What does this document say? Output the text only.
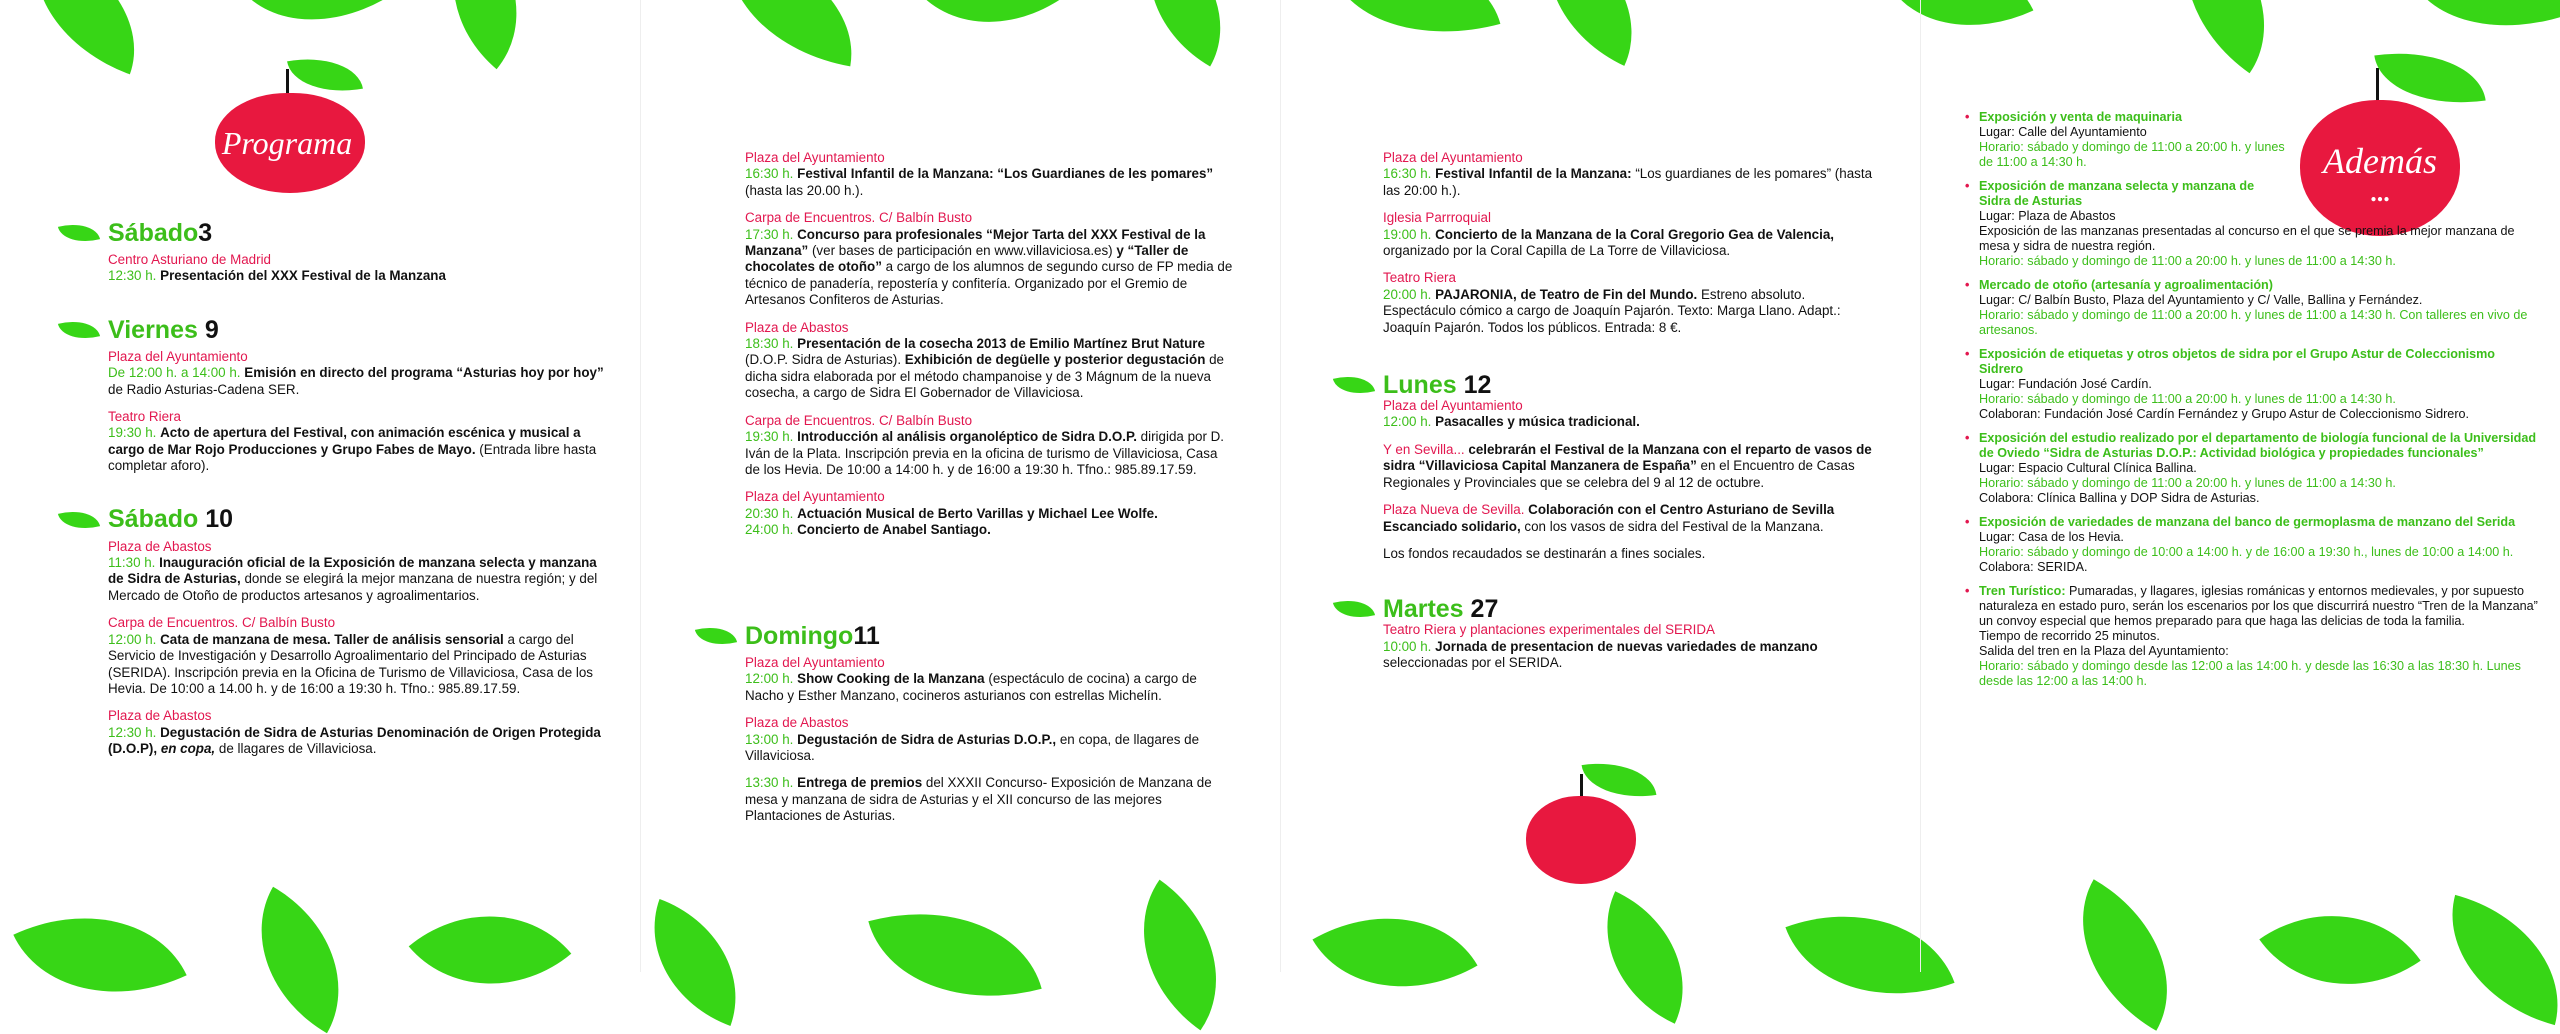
Programa
Sábado3
Centro Asturiano de Madrid
12:30 h. Presentación del XXX Festival de la Manzana
Viernes 9
Plaza del Ayuntamiento
De 12:00 h. a 14:00 h. Emisión en directo del programa “Asturias hoy por hoy” de Radio Asturias-Cadena SER.
Teatro Riera
19:30 h. Acto de apertura del Festival, con animación escénica y musical a cargo de Mar Rojo Producciones y Grupo Fabes de Mayo. (Entrada libre hasta completar aforo).
Sábado 10
Plaza de Abastos
11:30 h. Inauguración oficial de la Exposición de manzana selecta y manzana de Sidra de Asturias, donde se elegirá la mejor manzana de nuestra región; y del Mercado de Otoño de productos artesanos y agroalimentarios.
Carpa de Encuentros. C/ Balbín Busto
12:00 h. Cata de manzana de mesa. Taller de análisis sensorial a cargo del Servicio de Investigación y Desarrollo Agroalimentario del Principado de Asturias (SERIDA). Inscripción previa en la Oficina de Turismo de Villaviciosa, Casa de los Hevia. De 10:00 a 14.00 h. y de 16:00 a 19:30 h. Tfno.: 985.89.17.59.
Plaza de Abastos
12:30 h. Degustación de Sidra de Asturias Denominación de Origen Protegida (D.O.P), en copa, de llagares de Villaviciosa.
Plaza del Ayuntamiento
16:30 h. Festival Infantil de la Manzana: “Los Guardianes de les pomares” (hasta las 20.00 h.).
Carpa de Encuentros. C/ Balbín Busto
17:30 h. Concurso para profesionales “Mejor Tarta del XXX Festival de la Manzana” (ver bases de participación en www.villaviciosa.es) y “Taller de chocolates de otoño” a cargo de los alumnos de segundo curso de FP media de técnico de panadería, repostería y confitería. Organizado por el Gremio de Artesanos Confiteros de Asturias.
Plaza de Abastos
18:30 h. Presentación de la cosecha 2013 de Emilio Martínez Brut Nature (D.O.P. Sidra de Asturias). Exhibición de degüelle y posterior degustación de dicha sidra elaborada por el método champanoise y de 3 Mágnum de la nueva cosecha, a cargo de Sidra El Gobernador de Villaviciosa.
Carpa de Encuentros. C/ Balbín Busto
19:30 h. Introducción al análisis organoléptico de Sidra D.O.P. dirigida por D. Iván de la Plata. Inscripción previa en la oficina de turismo de Villaviciosa, Casa de los Hevia. De 10:00 a 14:00 h. y de 16:00 a 19:30 h. Tfno.: 985.89.17.59.
Plaza del Ayuntamiento
20:30 h. Actuación Musical de Berto Varillas y Michael Lee Wolfe.
24:00 h. Concierto de Anabel Santiago.
Domingo11
Plaza del Ayuntamiento
12:00 h. Show Cooking de la Manzana (espectáculo de cocina) a cargo de Nacho y Esther Manzano, cocineros asturianos con estrellas Michelín.
Plaza de Abastos
13:00 h. Degustación de Sidra de Asturias D.O.P., en copa, de llagares de Villaviciosa.
13:30 h. Entrega de premios del XXXII Concurso- Exposición de Manzana de mesa y manzana de sidra de Asturias y el XII concurso de las mejores Plantaciones de Asturias.
Plaza del Ayuntamiento
16:30 h. Festival Infantil de la Manzana: “Los guardianes de les pomares” (hasta las 20:00 h.).
Iglesia Parrroquial
19:00 h. Concierto de la Manzana de la Coral Gregorio Gea de Valencia, organizado por la Coral Capilla de La Torre de Villaviciosa.
Teatro Riera
20:00 h. PAJARONIA, de Teatro de Fin del Mundo. Estreno absoluto. Espectáculo cómico a cargo de Joaquín Pajarón. Texto: Marga Llano. Adapt.: Joaquín Pajarón. Todos los públicos. Entrada: 8 €.
Lunes 12
Plaza del Ayuntamiento
12:00 h. Pasacalles y música tradicional.
Y en Sevilla... celebrarán el Festival de la Manzana con el reparto de vasos de sidra “Villaviciosa Capital Manzanera de España” en el Encuentro de Casas Regionales y Provinciales que se celebra del 9 al 12 de octubre.
Plaza Nueva de Sevilla. Colaboración con el Centro Asturiano de Sevilla Escanciado solidario, con los vasos de sidra del Festival de la Manzana.
Los fondos recaudados se destinarán a fines sociales.
Martes 27
Teatro Riera y plantaciones experimentales del SERIDA
10:00 h. Jornada de presentacion de nuevas variedades de manzano seleccionadas por el SERIDA.
Además
...
• Exposición y venta de maquinaria
Lugar: Calle del Ayuntamiento
Horario: sábado y domingo de 11:00 a 20:00 h. y lunes de 11:00 a 14:30 h.
• Exposición de manzana selecta y manzana de Sidra de Asturias
Lugar: Plaza de Abastos
Exposición de las manzanas presentadas al concurso en el que se premia la mejor manzana de mesa y sidra de nuestra región.
Horario: sábado y domingo de 11:00 a 20:00 h. y lunes de 11:00 a 14:30 h.
• Mercado de otoño (artesanía y agroalimentación)
Lugar: C/ Balbín Busto, Plaza del Ayuntamiento y C/ Valle, Ballina y Fernández.
Horario: sábado y domingo de 11:00 a 20:00 h. y lunes de 11:00 a 14:30 h. Con talleres en vivo de artesanos.
• Exposición de etiquetas y otros objetos de sidra por el Grupo Astur de Coleccionismo Sidrero
Lugar: Fundación José Cardín.
Horario: sábado y domingo de 11:00 a 20:00 h. y lunes de 11:00 a 14:30 h.
Colaboran: Fundación José Cardín Fernández y Grupo Astur de Coleccionismo Sidrero.
• Exposición del estudio realizado por el departamento de biología funcional de la Universidad de Oviedo “Sidra de Asturias D.O.P.: Actividad biológica y propiedades funcionales”
Lugar: Espacio Cultural Clínica Ballina.
Horario: sábado y domingo de 11:00 a 20:00 h. y lunes de 11:00 a 14:30 h.
Colabora: Clínica Ballina y DOP Sidra de Asturias.
• Exposición de variedades de manzana del banco de germoplasma de manzano del Serida
Lugar: Casa de los Hevia.
Horario: sábado y domingo de 10:00 a 14:00 h. y de 16:00 a 19:30 h., lunes de 10:00 a 14:00 h.
Colabora: SERIDA.
• Tren Turístico: Pumaradas, y llagares, iglesias románicas y entornos medievales, y por supuesto naturaleza en estado puro, serán los escenarios por los que discurrirá nuestro “Tren de la Manzana” un convoy especial que hemos preparado para que haga las delicias de toda la familia.
Tiempo de recorrido 25 minutos.
Salida del tren en la Plaza del Ayuntamiento:
Horario: sábado y domingo desde las 12:00 a las 14:00 h. y desde las 16:30 a las 18:30 h. Lunes desde las 12:00 a las 14:00 h.
